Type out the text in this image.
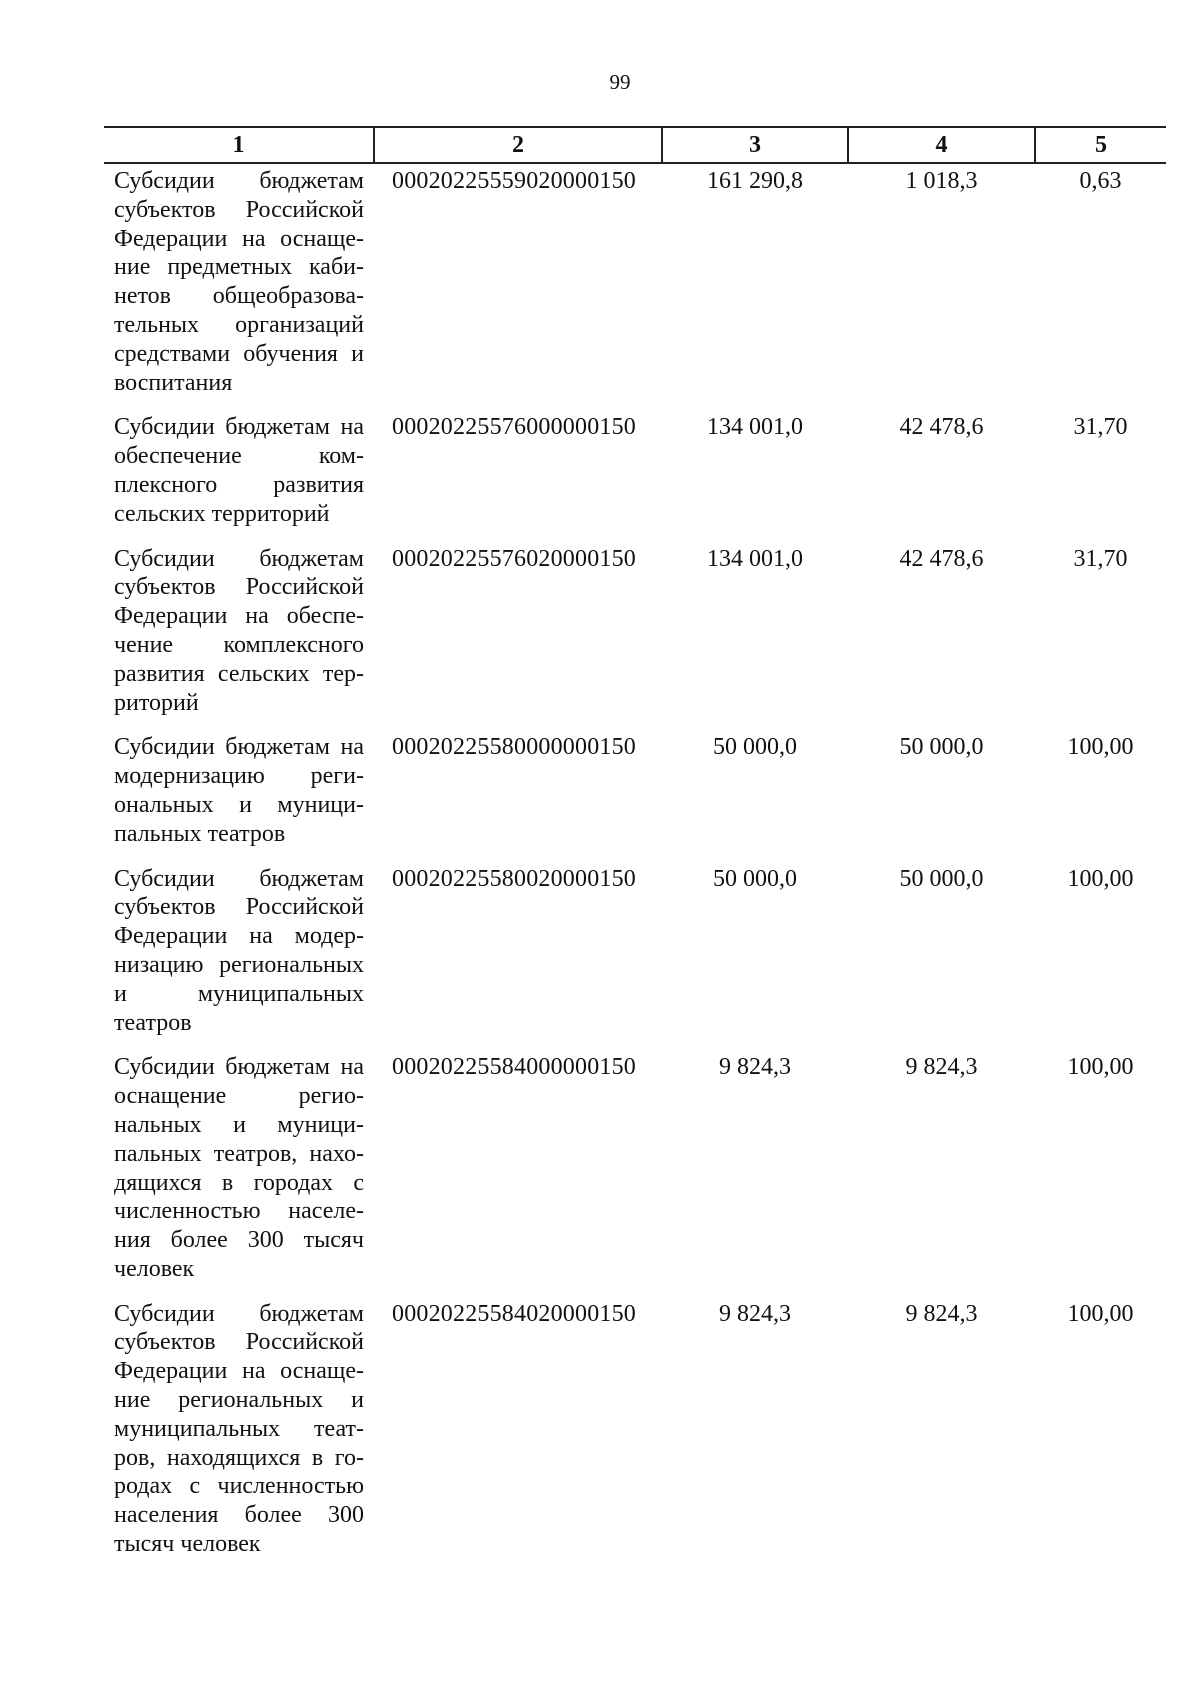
99
1	2	3	4	5
Субсидии бюджетам субъектов Российской Федерации на оснащение предметных кабинетов общеобразовательных организаций средствами обучения и воспитания	00020225559020000150	161 290,8	1 018,3	0,63
Субсидии бюджетам на обеспечение комплексного развития сельских территорий	00020225576000000150	134 001,0	42 478,6	31,70
Субсидии бюджетам субъектов Российской Федерации на обеспечение комплексного развития сельских территорий	00020225576020000150	134 001,0	42 478,6	31,70
Субсидии бюджетам на модернизацию региональных и муниципальных театров	00020225580000000150	50 000,0	50 000,0	100,00
Субсидии бюджетам субъектов Российской Федерации на модернизацию региональных и муниципальных театров	00020225580020000150	50 000,0	50 000,0	100,00
Субсидии бюджетам на оснащение региональных и муниципальных театров, находящихся в городах с численностью населения более 300 тысяч человек	00020225584000000150	9 824,3	9 824,3	100,00
Субсидии бюджетам субъектов Российской Федерации на оснащение региональных и муниципальных театров, находящихся в городах с численностью населения более 300 тысяч человек	00020225584020000150	9 824,3	9 824,3	100,00
